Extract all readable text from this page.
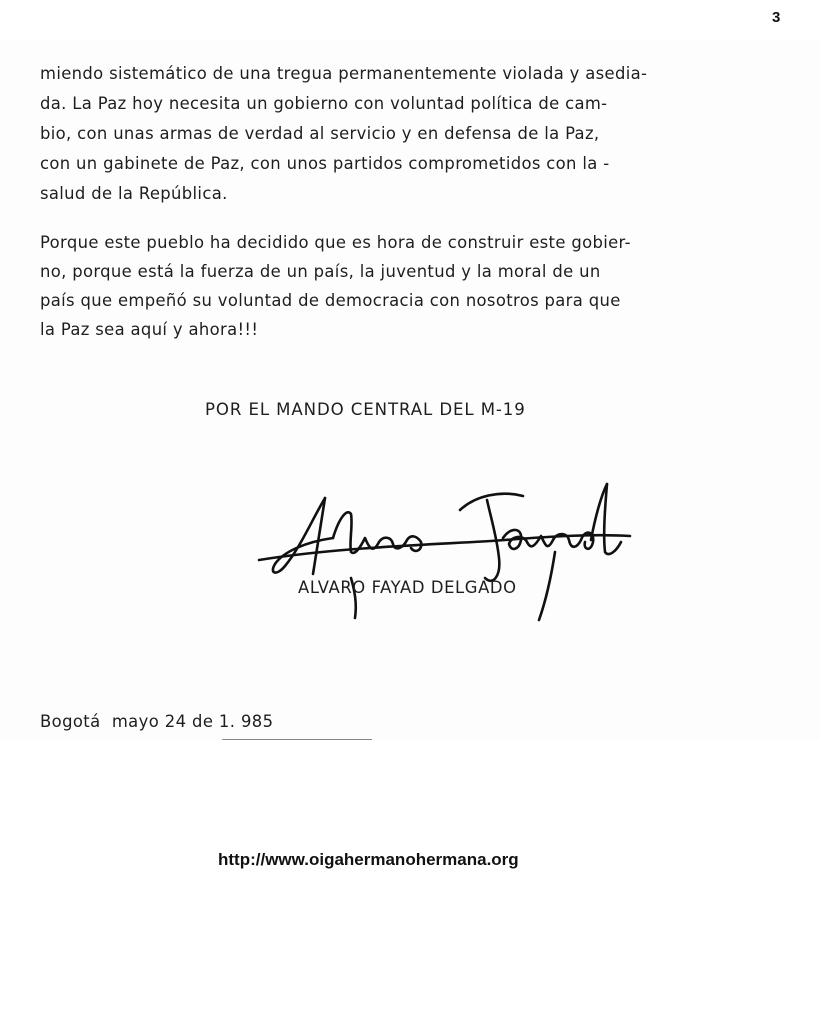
3
miendo sistemático de una tregua permanentemente violada y asedia-
da. La Paz hoy necesita un gobierno con voluntad política de cam-
bio, con unas armas de verdad al servicio y en defensa de la Paz,
con un gabinete de Paz, con unos partidos comprometidos con la -
salud de la República.
Porque este pueblo ha decidido que es hora de construir este gobier-
no, porque está la fuerza de un país, la juventud y la moral de un
país que empeñó su voluntad de democracia con nosotros para que
la Paz sea aquí y ahora!!!
POR EL MANDO CENTRAL DEL M-19
ALVARO FAYAD DELGADO
Bogotá mayo 24 de 1. 985
http://www.oigahermanohermana.org
